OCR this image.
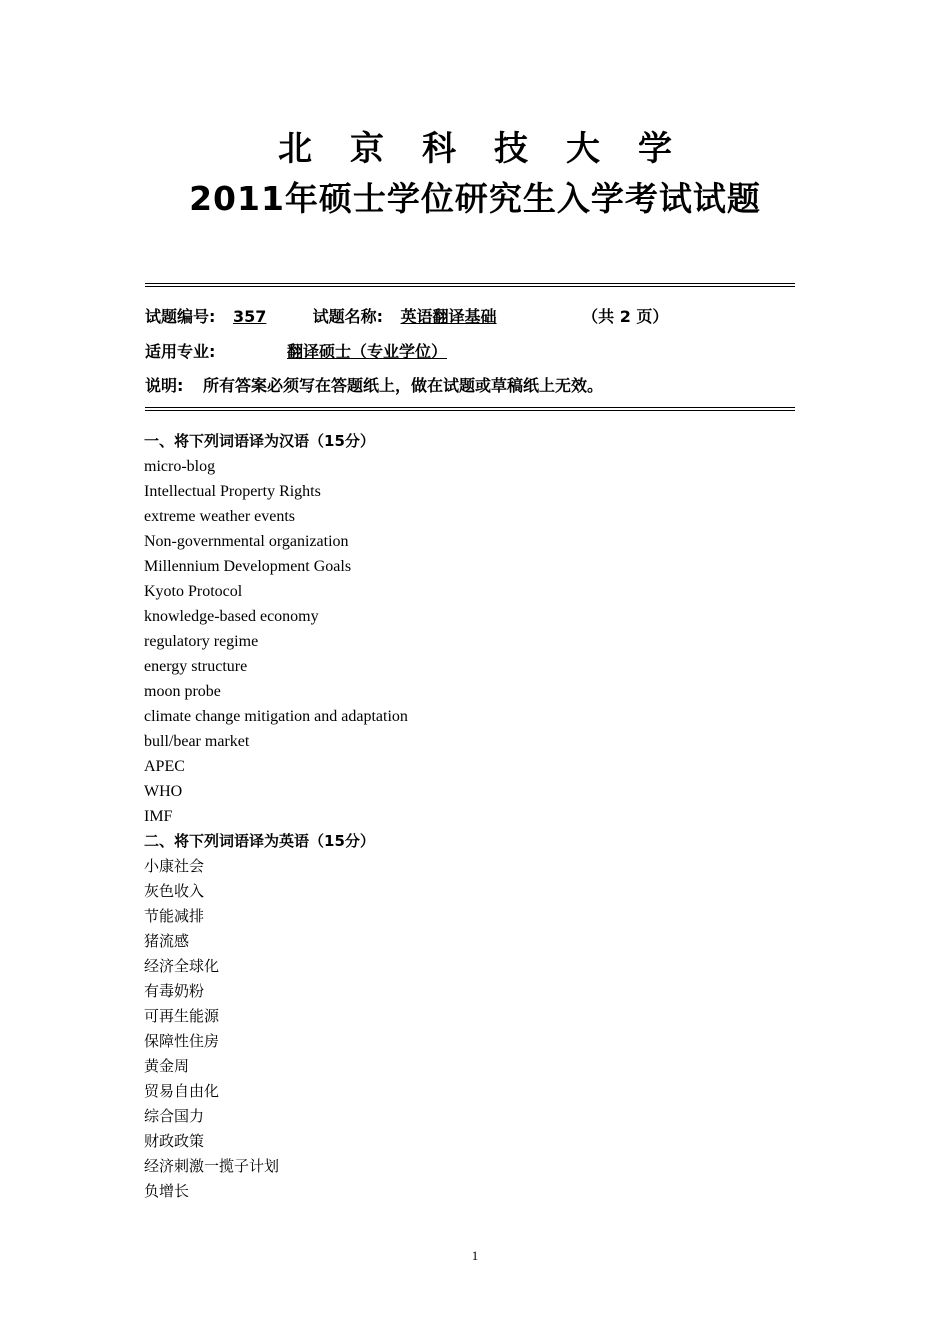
北 京 科 技 大 学
2011年硕士学位研究生入学考试试题
试题编号: 357	试题名称: 英语翻译基础	（共 2 页）
适用专业:	翻译硕士（专业学位）
说明: 所有答案必须写在答题纸上，做在试题或草稿纸上无效。
一、将下列词语译为汉语（15分）
micro-blog
Intellectual Property Rights
extreme weather events
Non-governmental organization
Millennium Development Goals
Kyoto Protocol
knowledge-based economy
regulatory regime
energy structure
moon probe
climate change mitigation and adaptation
bull/bear market
APEC
WHO
IMF
二、将下列词语译为英语（15分）
小康社会
灰色收入
节能减排
猪流感
经济全球化
有毒奶粉
可再生能源
保障性住房
黄金周
贸易自由化
综合国力
财政政策
经济刺激一揽子计划
负增长
1
